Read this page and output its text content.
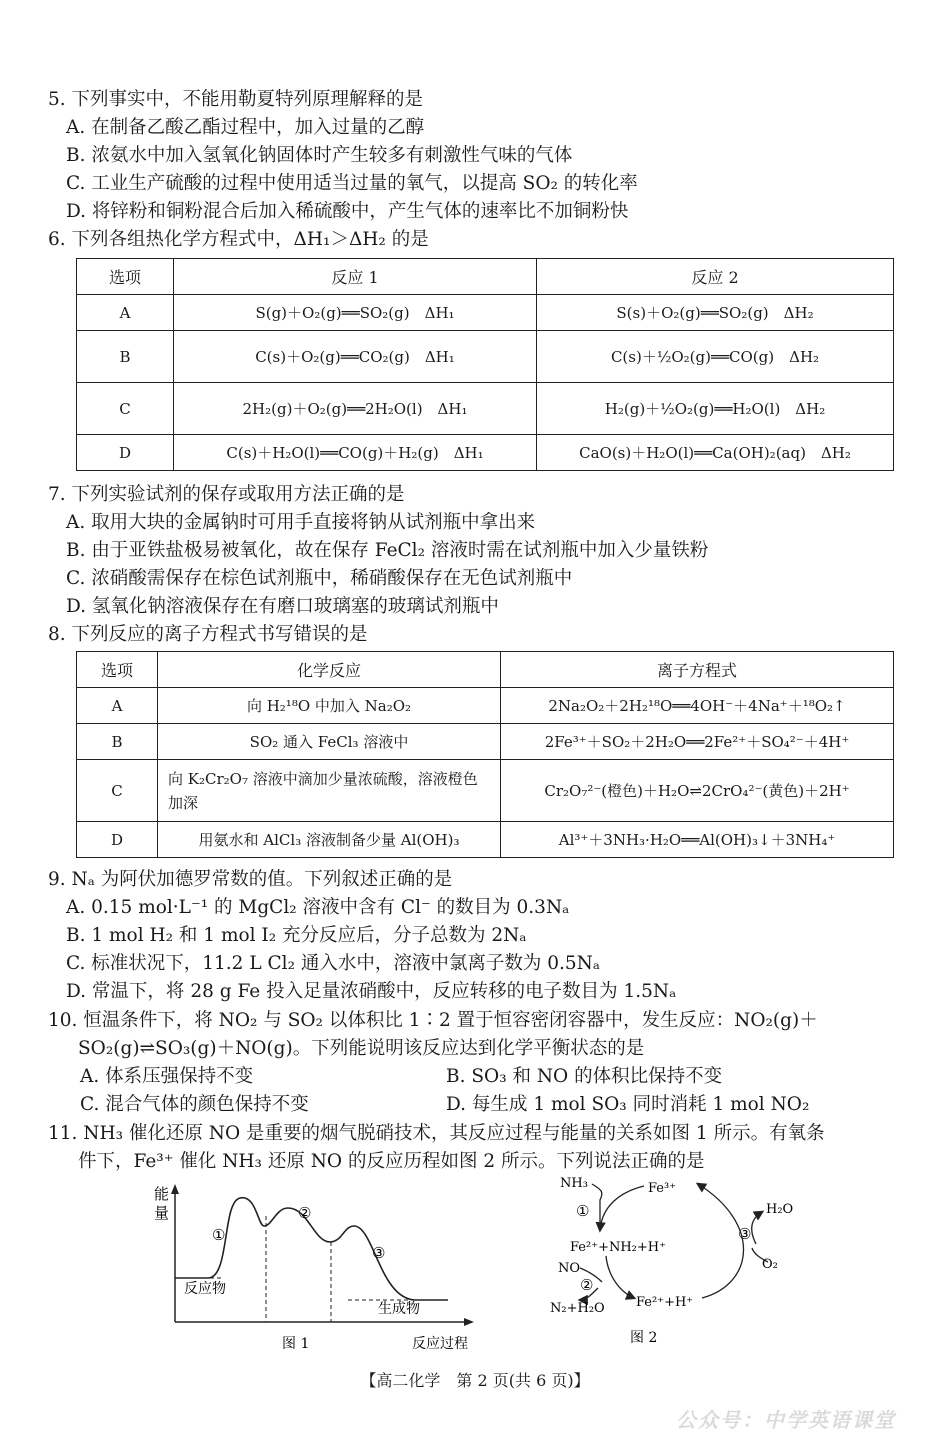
5. 下列事实中，不能用勒夏特列原理解释的是
A. 在制备乙酸乙酯过程中，加入过量的乙醇
B. 浓氨水中加入氢氧化钠固体时产生较多有刺激性气味的气体
C. 工业生产硫酸的过程中使用适当过量的氧气，以提高 SO₂ 的转化率
D. 将锌粉和铜粉混合后加入稀硫酸中，产生气体的速率比不加铜粉快
6. 下列各组热化学方程式中，ΔH₁＞ΔH₂ 的是
选项	反应 1	反应 2
A	S(g)＋O₂(g)══SO₂(g)　ΔH₁	S(s)＋O₂(g)══SO₂(g)　ΔH₂
B	C(s)＋O₂(g)══CO₂(g)　ΔH₁	C(s)＋½O₂(g)══CO(g)　ΔH₂
C	2H₂(g)＋O₂(g)══2H₂O(l)　ΔH₁	H₂(g)＋½O₂(g)══H₂O(l)　ΔH₂
D	C(s)＋H₂O(l)══CO(g)＋H₂(g)　ΔH₁	CaO(s)＋H₂O(l)══Ca(OH)₂(aq)　ΔH₂
7. 下列实验试剂的保存或取用方法正确的是
A. 取用大块的金属钠时可用手直接将钠从试剂瓶中拿出来
B. 由于亚铁盐极易被氧化，故在保存 FeCl₂ 溶液时需在试剂瓶中加入少量铁粉
C. 浓硝酸需保存在棕色试剂瓶中，稀硝酸保存在无色试剂瓶中
D. 氢氧化钠溶液保存在有磨口玻璃塞的玻璃试剂瓶中
8. 下列反应的离子方程式书写错误的是
选项	化学反应	离子方程式
A	向 H₂¹⁸O 中加入 Na₂O₂	2Na₂O₂＋2H₂¹⁸O══4OH⁻＋4Na⁺＋¹⁸O₂↑
B	SO₂ 通入 FeCl₃ 溶液中	2Fe³⁺＋SO₂＋2H₂O══2Fe²⁺＋SO₄²⁻＋4H⁺
C	向 K₂Cr₂O₇ 溶液中滴加少量浓硫酸，溶液橙色加深	Cr₂O₇²⁻(橙色)＋H₂O⇌2CrO₄²⁻(黄色)＋2H⁺
D	用氨水和 AlCl₃ 溶液制备少量 Al(OH)₃	Al³⁺＋3NH₃·H₂O══Al(OH)₃↓＋3NH₄⁺
9. Nₐ 为阿伏加德罗常数的值。下列叙述正确的是
A. 0.15 mol·L⁻¹ 的 MgCl₂ 溶液中含有 Cl⁻ 的数目为 0.3Nₐ
B. 1 mol H₂ 和 1 mol I₂ 充分反应后，分子总数为 2Nₐ
C. 标准状况下，11.2 L Cl₂ 通入水中，溶液中氯离子数为 0.5Nₐ
D. 常温下，将 28 g Fe 投入足量浓硝酸中，反应转移的电子数目为 1.5Nₐ
10. 恒温条件下，将 NO₂ 与 SO₂ 以体积比 1∶2 置于恒容密闭容器中，发生反应：NO₂(g)＋
SO₂(g)⇌SO₃(g)＋NO(g)。下列能说明该反应达到化学平衡状态的是
A. 体系压强保持不变	B. SO₃ 和 NO 的体积比保持不变
C. 混合气体的颜色保持不变	D. 每生成 1 mol SO₃ 同时消耗 1 mol NO₂
11. NH₃ 催化还原 NO 是重要的烟气脱硝技术，其反应过程与能量的关系如图 1 所示。有氧条
件下，Fe³⁺ 催化 NH₃ 还原 NO 的反应历程如图 2 所示。下列说法正确的是
能
量
反应物
生成物
①
②
③
反应过程
图 1
NH₃	Fe³⁺
①
Fe²⁺+NH₂+H⁺
NO
②
N₂+H₂O Fe²⁺+H⁺
H₂O
③
O₂
图 2
【高二化学　第 2 页(共 6 页)】
公众号：中学英语课堂
